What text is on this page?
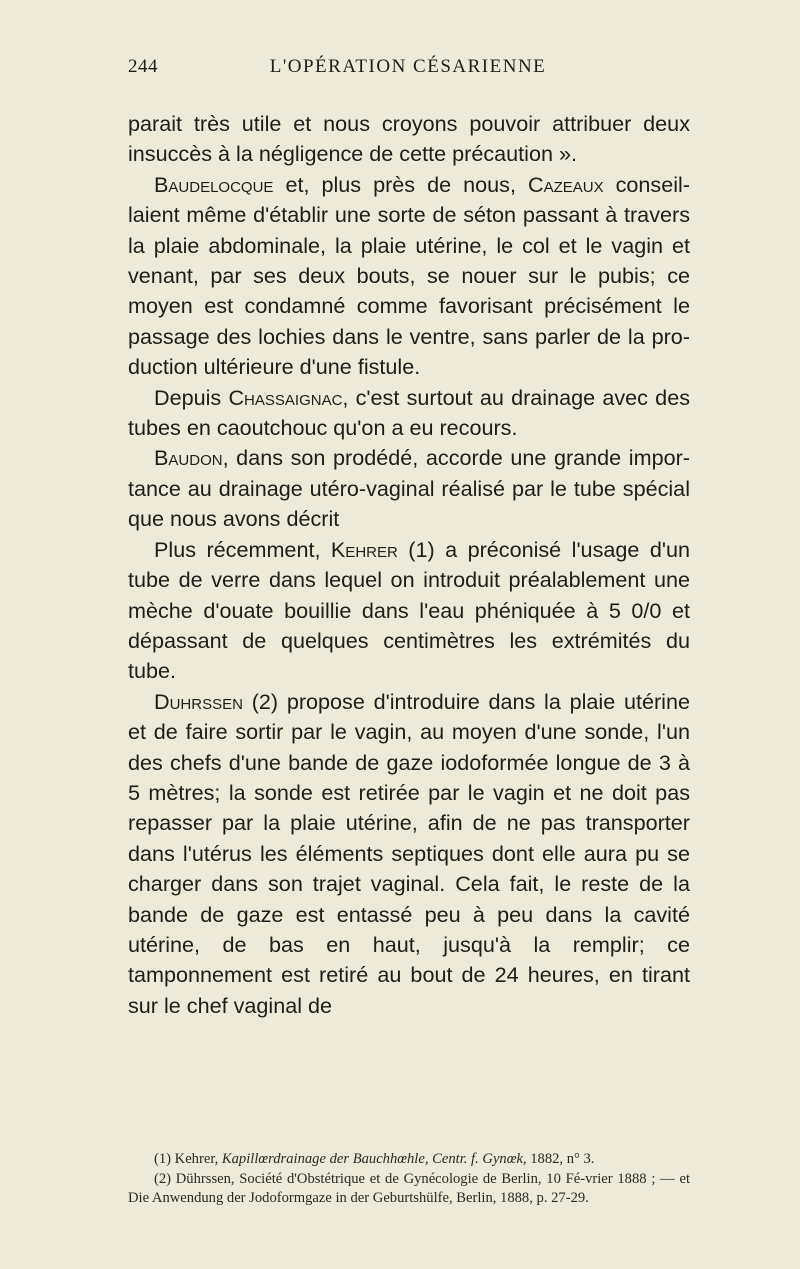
244	L'OPÉRATION CÉSARIENNE

parait très utile et nous croyons pouvoir attribuer deux insuccès à la négligence de cette précaution ».

Baudelocque et, plus près de nous, Cazeaux conseil-laient même d'établir une sorte de séton passant à travers la plaie abdominale, la plaie utérine, le col et le vagin et venant, par ses deux bouts, se nouer sur le pubis; ce moyen est condamné comme favorisant précisément le passage des lochies dans le ventre, sans parler de la pro-duction ultérieure d'une fistule.

Depuis Chassaignac, c'est surtout au drainage avec des tubes en caoutchouc qu'on a eu recours.

Baudon, dans son prodédé, accorde une grande impor-tance au drainage utéro-vaginal réalisé par le tube spécial que nous avons décrit

Plus récemment, Kehrer (1) a préconisé l'usage d'un tube de verre dans lequel on introduit préalablement une mèche d'ouate bouillie dans l'eau phéniquée à 5 0/0 et dépassant de quelques centimètres les extrémités du tube.

Duhrssen (2) propose d'introduire dans la plaie utérine et de faire sortir par le vagin, au moyen d'une sonde, l'un des chefs d'une bande de gaze iodoformée longue de 3 à 5 mètres; la sonde est retirée par le vagin et ne doit pas repasser par la plaie utérine, afin de ne pas transporter dans l'utérus les éléments septiques dont elle aura pu se charger dans son trajet vaginal. Cela fait, le reste de la bande de gaze est entassé peu à peu dans la cavité utérine, de bas en haut, jusqu'à la remplir; ce tamponnement est retiré au bout de 24 heures, en tirant sur le chef vaginal de

(1) Kehrer, Kapillœrdrainage der Bauchhœhle, Centr. f. Gynœk, 1882, n° 3.

(2) Dührssen, Société d'Obstétrique et de Gynécologie de Berlin, 10 Fé-vrier 1888 ; — et Die Anwendung der Jodoformgaze in der Geburtshülfe, Berlin, 1888, p. 27-29.
